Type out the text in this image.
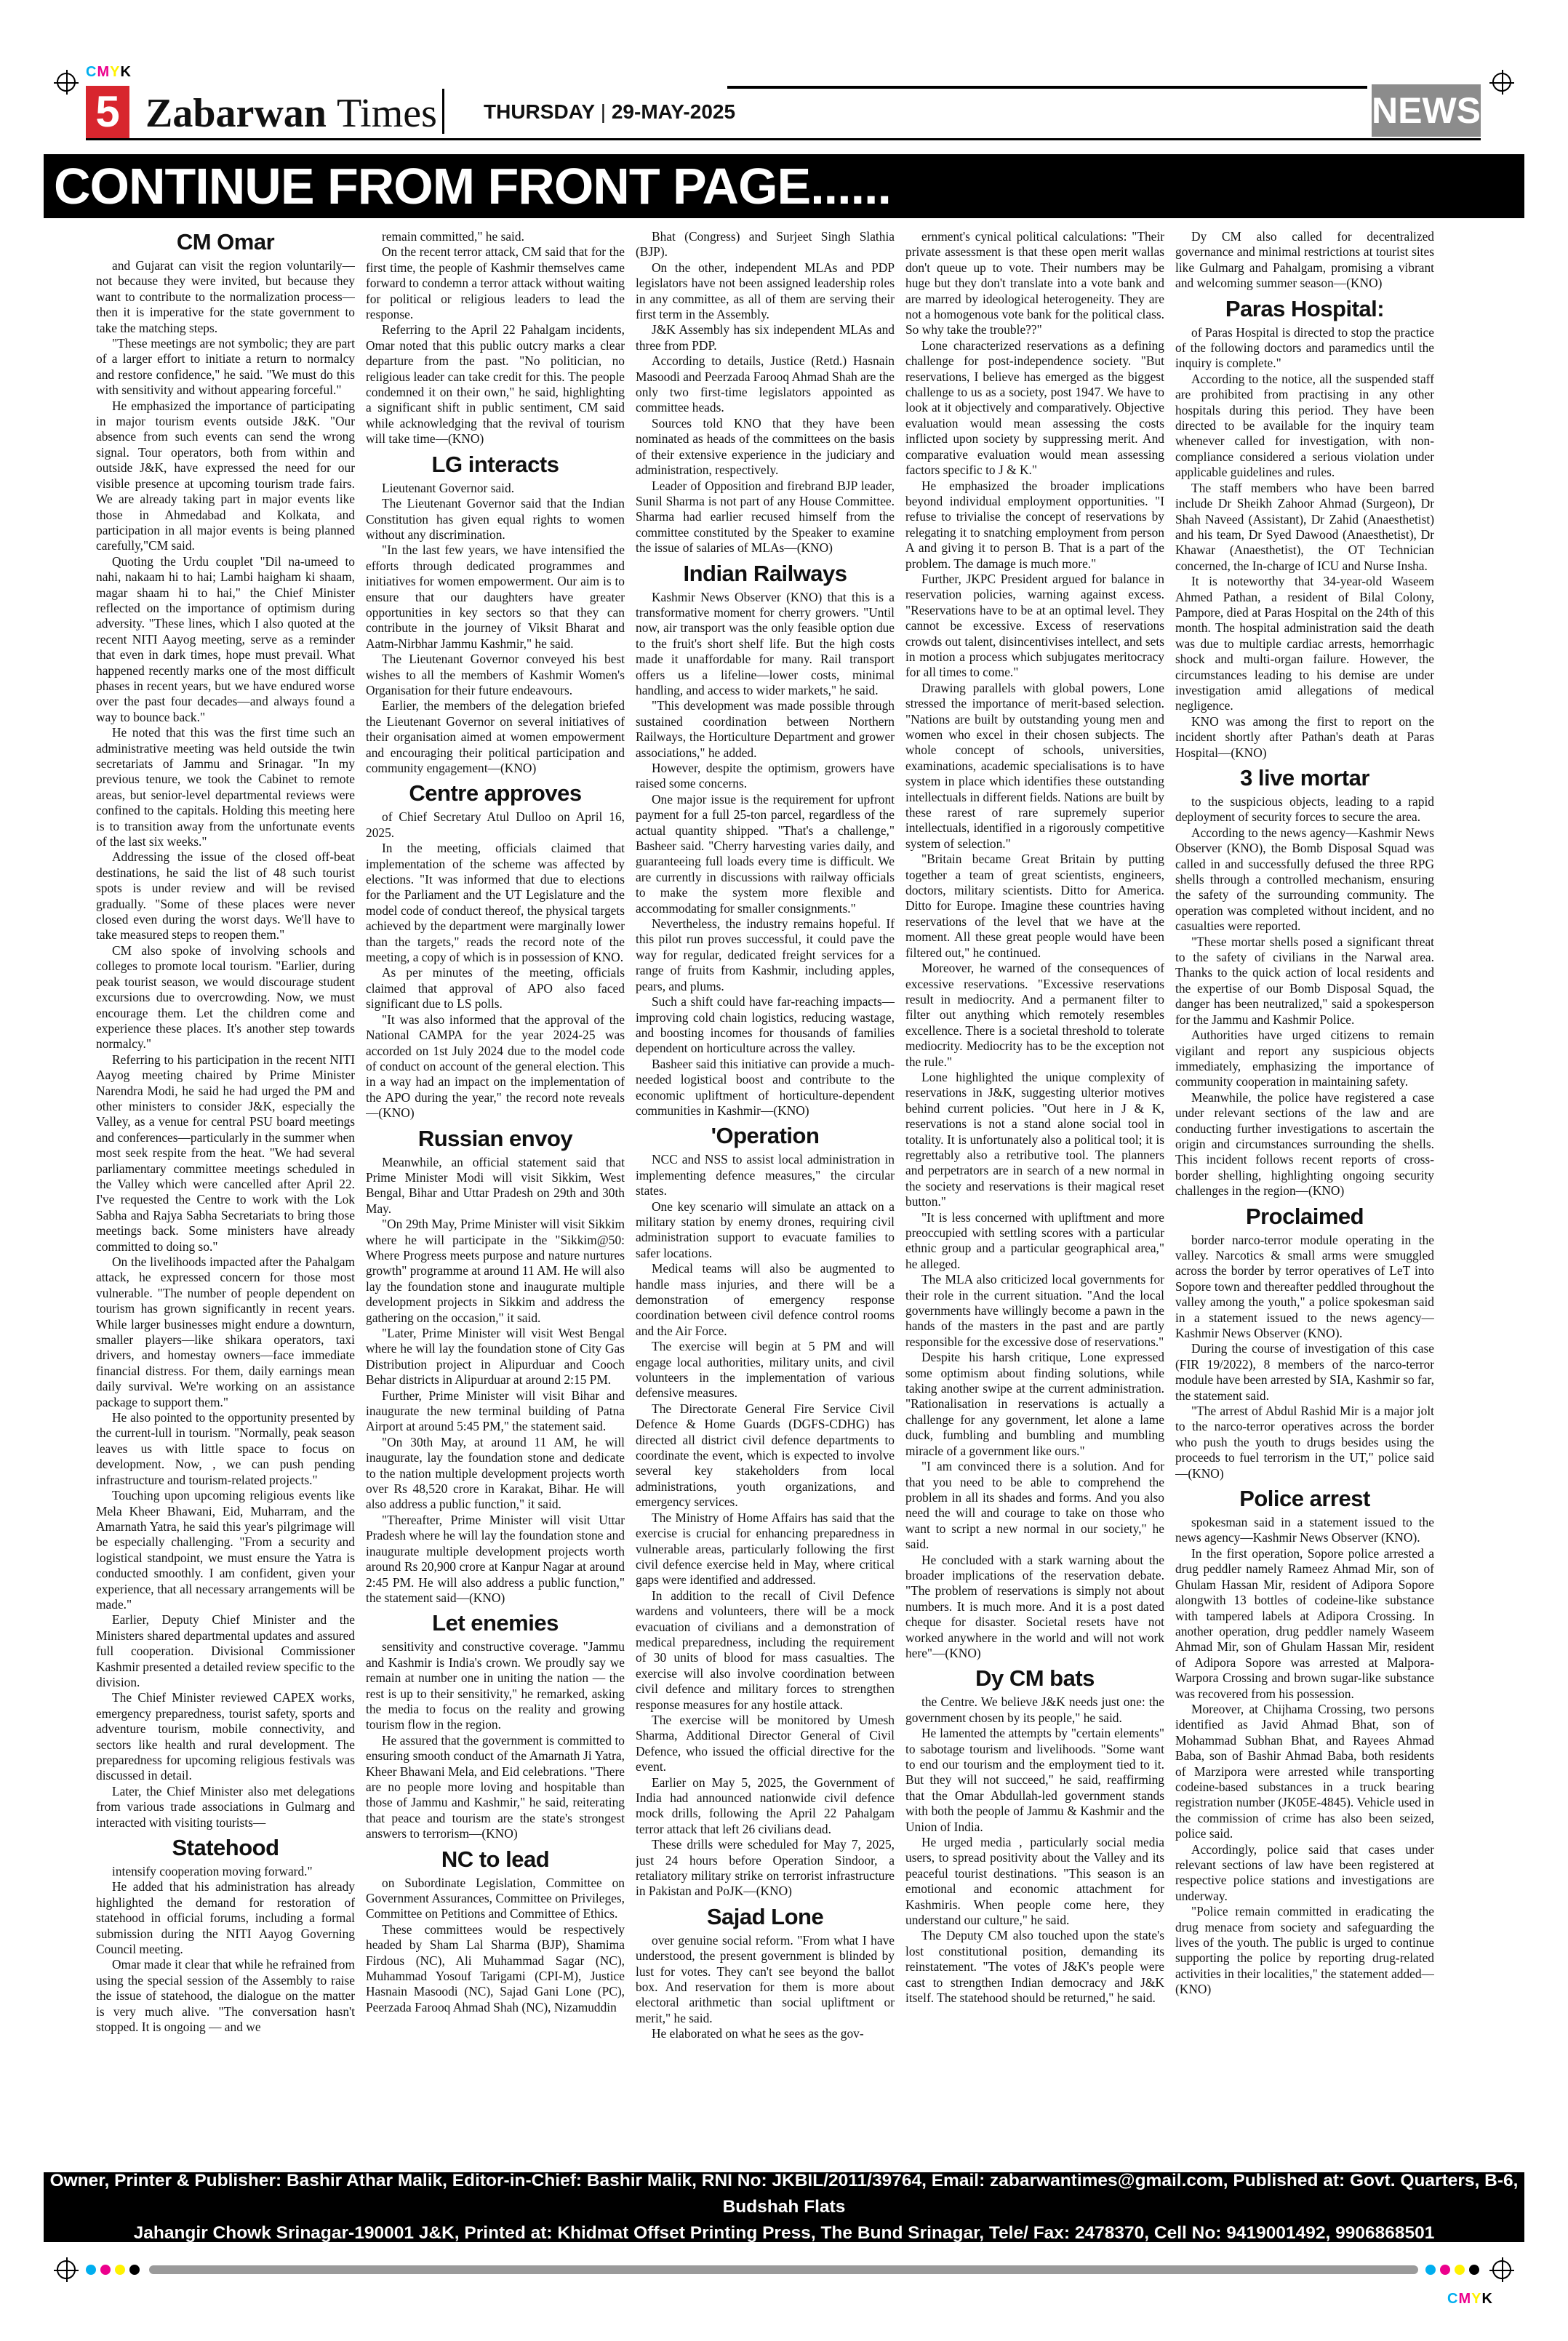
CMYK
5 Zabarwan Times THURSDAY | 29-MAY-2025	NEWS
CONTINUE FROM FRONT PAGE......
CM Omar

and Gujarat can visit the region voluntarily—not because they were invited, but because they want to contribute to the normalization process—then it is imperative for the state government to take the matching steps.

"These meetings are not symbolic; they are part of a larger effort to initiate a return to normalcy and restore confidence," he said. "We must do this with sensitivity and without appearing forceful."

He emphasized the importance of participating in major tourism events outside J&K. "Our absence from such events can send the wrong signal. Tour operators, both from within and outside J&K, have expressed the need for our visible presence at upcoming tourism trade fairs. We are already taking part in major events like those in Ahmedabad and Kolkata, and participation in all major events is being planned carefully,"CM said.

Quoting the Urdu couplet "Dil na-umeed to nahi, nakaam hi to hai; Lambi haigham ki shaam, magar shaam hi to hai," the Chief Minister reflected on the importance of optimism during adversity. "These lines, which I also quoted at the recent NITI Aayog meeting, serve as a reminder that even in dark times, hope must prevail. What happened recently marks one of the most difficult phases in recent years, but we have endured worse over the past four decades—and always found a way to bounce back."

He noted that this was the first time such an administrative meeting was held outside the twin secretariats of Jammu and Srinagar. "In my previous tenure, we took the Cabinet to remote areas, but senior-level departmental reviews were confined to the capitals. Holding this meeting here is to transition away from the unfortunate events of the last six weeks."

Addressing the issue of the closed off-beat destinations, he said the list of 48 such tourist spots is under review and will be revised gradually. "Some of these places were never closed even during the worst days. We'll have to take measured steps to reopen them."

CM also spoke of involving schools and colleges to promote local tourism. "Earlier, during peak tourist season, we would discourage student excursions due to overcrowding. Now, we must encourage them. Let the children come and experience these places. It's another step towards normalcy."

Referring to his participation in the recent NITI Aayog meeting chaired by Prime Minister Narendra Modi, he said he had urged the PM and other ministers to consider J&K, especially the Valley, as a venue for central PSU board meetings and conferences—particularly in the summer when most seek respite from the heat. "We had several parliamentary committee meetings scheduled in the Valley which were cancelled after April 22. I've requested the Centre to work with the Lok Sabha and Rajya Sabha Secretariats to bring those meetings back. Some ministers have already committed to doing so."

On the livelihoods impacted after the Pahalgam attack, he expressed concern for those most vulnerable. "The number of people dependent on tourism has grown significantly in recent years. While larger businesses might endure a downturn, smaller players—like shikara operators, taxi drivers, and homestay owners—face immediate financial distress. For them, daily earnings mean daily survival. We're working on an assistance package to support them."

He also pointed to the opportunity presented by the current-lull in tourism. "Normally, peak season leaves us with little space to focus on development. Now, , we can push pending infrastructure and tourism-related projects."

Touching upon upcoming religious events like Mela Kheer Bhawani, Eid, Muharram, and the Amarnath Yatra, he said this year's pilgrimage will be especially challenging. "From a security and logistical standpoint, we must ensure the Yatra is conducted smoothly. I am confident, given your experience, that all necessary arrangements will be made."

Earlier, Deputy Chief Minister and the Ministers shared departmental updates and assured full cooperation. Divisional Commissioner Kashmir presented a detailed review specific to the division.

The Chief Minister reviewed CAPEX works, emergency preparedness, tourist safety, sports and adventure tourism, mobile connectivity, and sectors like health and rural development. The preparedness for upcoming religious festivals was discussed in detail.

Later, the Chief Minister also met delegations from various trade associations in Gulmarg and interacted with visiting tourists—

Statehood

intensify cooperation moving forward."

He added that his administration has already highlighted the demand for restoration of statehood in official forums, including a formal submission during the NITI Aayog Governing Council meeting.

Omar made it clear that while he refrained from using the special session of the Assembly to raise the issue of statehood, the dialogue on the matter is very much alive. "The conversation hasn't stopped. It is ongoing — and we

remain committed," he said.

On the recent terror attack, CM said that for the first time, the people of Kashmir themselves came forward to condemn a terror attack without waiting for political or religious leaders to lead the response.

Referring to the April 22 Pahalgam incidents, Omar noted that this public outcry marks a clear departure from the past. "No politician, no religious leader can take credit for this. The people condemned it on their own," he said, highlighting a significant shift in public sentiment, CM said while acknowledging that the revival of tourism will take time—(KNO)

LG interacts

Lieutenant Governor said.

The Lieutenant Governor said that the Indian Constitution has given equal rights to women without any discrimination.

"In the last few years, we have intensified the efforts through dedicated programmes and initiatives for women empowerment. Our aim is to ensure that our daughters have greater opportunities in key sectors so that they can contribute in the journey of Viksit Bharat and Aatm-Nirbhar Jammu Kashmir," he said.

The Lieutenant Governor conveyed his best wishes to all the members of Kashmir Women's Organisation for their future endeavours.

Earlier, the members of the delegation briefed the Lieutenant Governor on several initiatives of their organisation aimed at women empowerment and encouraging their political participation and community engagement—(KNO)

Centre approves

of Chief Secretary Atul Dulloo on April 16, 2025.

In the meeting, officials claimed that implementation of the scheme was affected by elections. "It was informed that due to elections for the Parliament and the UT Legislature and the model code of conduct thereof, the physical targets achieved by the department were marginally lower than the targets," reads the record note of the meeting, a copy of which is in possession of KNO.

As per minutes of the meeting, officials claimed that approval of APO also faced significant due to LS polls.

"It was also informed that the approval of the National CAMPA for the year 2024-25 was accorded on 1st July 2024 due to the model code of conduct on account of the general election. This in a way had an impact on the implementation of the APO during the year," the record note reveals—(KNO)

Russian envoy

Meanwhile, an official statement said that Prime Minister Modi will visit Sikkim, West Bengal, Bihar and Uttar Pradesh on 29th and 30th May.

"On 29th May, Prime Minister will visit Sikkim where he will participate in the "Sikkim@50: Where Progress meets purpose and nature nurtures growth" programme at around 11 AM. He will also lay the foundation stone and inaugurate multiple development projects in Sikkim and address the gathering on the occasion," it said.

"Later, Prime Minister will visit West Bengal where he will lay the foundation stone of City Gas Distribution project in Alipurduar and Cooch Behar districts in Alipurduar at around 2:15 PM.

Further, Prime Minister will visit Bihar and inaugurate the new terminal building of Patna Airport at around 5:45 PM," the statement said.

"On 30th May, at around 11 AM, he will inaugurate, lay the foundation stone and dedicate to the nation multiple development projects worth over Rs 48,520 crore in Karakat, Bihar. He will also address a public function," it said.

"Thereafter, Prime Minister will visit Uttar Pradesh where he will lay the foundation stone and inaugurate multiple development projects worth around Rs 20,900 crore at Kanpur Nagar at around 2:45 PM. He will also address a public function," the statement said—(KNO)

Let enemies

sensitivity and constructive coverage. "Jammu and Kashmir is India's crown. We proudly say we remain at number one in uniting the nation — the rest is up to their sensitivity," he remarked, asking the media to focus on the reality and growing tourism flow in the region.

He assured that the government is committed to ensuring smooth conduct of the Amarnath Ji Yatra, Kheer Bhawani Mela, and Eid celebrations. "There are no people more loving and hospitable than those of Jammu and Kashmir," he said, reiterating that peace and tourism are the state's strongest answers to terrorism—(KNO)

NC to lead

on Subordinate Legislation, Committee on Government Assurances, Committee on Privileges, Committee on Petitions and Committee of Ethics.

These committees would be respectively headed by Sham Lal Sharma (BJP), Shamima Firdous (NC), Ali Muhammad Sagar (NC), Muhammad Yosouf Tarigami (CPI-M), Justice Hasnain Masoodi (NC), Sajad Gani Lone (PC), Peerzada Farooq Ahmad Shah (NC), Nizamuddin

Bhat (Congress) and Surjeet Singh Slathia (BJP).

On the other, independent MLAs and PDP legislators have not been assigned leadership roles in any committee, as all of them are serving their first term in the Assembly.

J&K Assembly has six independent MLAs and three from PDP.

According to details, Justice (Retd.) Hasnain Masoodi and Peerzada Farooq Ahmad Shah are the only two first-time legislators appointed as committee heads.

Sources told KNO that they have been nominated as heads of the committees on the basis of their extensive experience in the judiciary and administration, respectively.

Leader of Opposition and firebrand BJP leader, Sunil Sharma is not part of any House Committee. Sharma had earlier recused himself from the committee constituted by the Speaker to examine the issue of salaries of MLAs—(KNO)

Indian Railways

Kashmir News Observer (KNO) that this is a transformative moment for cherry growers. "Until now, air transport was the only feasible option due to the fruit's short shelf life. But the high costs made it unaffordable for many. Rail transport offers us a lifeline—lower costs, minimal handling, and access to wider markets," he said.

"This development was made possible through sustained coordination between Northern Railways, the Horticulture Department and grower associations," he added.

However, despite the optimism, growers have raised some concerns.

One major issue is the requirement for upfront payment for a full 25-ton parcel, regardless of the actual quantity shipped. "That's a challenge," Basheer said. "Cherry harvesting varies daily, and guaranteeing full loads every time is difficult. We are currently in discussions with railway officials to make the system more flexible and accommodating for smaller consignments."

Nevertheless, the industry remains hopeful. If this pilot run proves successful, it could pave the way for regular, dedicated freight services for a range of fruits from Kashmir, including apples, pears, and plums.

Such a shift could have far-reaching impacts—improving cold chain logistics, reducing wastage, and boosting incomes for thousands of families dependent on horticulture across the valley.

Basheer said this initiative can provide a much-needed logistical boost and contribute to the economic upliftment of horticulture-dependent communities in Kashmir—(KNO)

'Operation

NCC and NSS to assist local administration in implementing defence measures," the circular states.

One key scenario will simulate an attack on a military station by enemy drones, requiring civil administration support to evacuate families to safer locations.

Medical teams will also be augmented to handle mass injuries, and there will be a demonstration of emergency response coordination between civil defence control rooms and the Air Force.

The exercise will begin at 5 PM and will engage local authorities, military units, and civil volunteers in the implementation of various defensive measures.

The Directorate General Fire Service Civil Defence & Home Guards (DGFS-CDHG) has directed all district civil defence departments to coordinate the event, which is expected to involve several key stakeholders from local administrations, youth organizations, and emergency services.

The Ministry of Home Affairs has said that the exercise is crucial for enhancing preparedness in vulnerable areas, particularly following the first civil defence exercise held in May, where critical gaps were identified and addressed.

In addition to the recall of Civil Defence wardens and volunteers, there will be a mock evacuation of civilians and a demonstration of medical preparedness, including the requirement of 30 units of blood for mass casualties. The exercise will also involve coordination between civil defence and military forces to strengthen response measures for any hostile attack.

The exercise will be monitored by Umesh Sharma, Additional Director General of Civil Defence, who issued the official directive for the event.

Earlier on May 5, 2025, the Government of India had announced nationwide civil defence mock drills, following the April 22 Pahalgam terror attack that left 26 civilians dead.

These drills were scheduled for May 7, 2025, just 24 hours before Operation Sindoor, a retaliatory military strike on terrorist infrastructure in Pakistan and PoJK—(KNO)

Sajad Lone

over genuine social reform. "From what I have understood, the present government is blinded by lust for votes. They can't see beyond the ballot box. And reservation for them is more about electoral arithmetic than social upliftment or merit," he said.

He elaborated on what he sees as the gov-

ernment's cynical political calculations: "Their private assessment is that these open merit wallas don't queue up to vote. Their numbers may be huge but they don't translate into a vote bank and are marred by ideological heterogeneity. They are not a homogenous vote bank for the political class. So why take the trouble??"

Lone characterized reservations as a defining challenge for post-independence society. "But reservations, I believe has emerged as the biggest challenge to us as a society, post 1947. We have to look at it objectively and comparatively. Objective evaluation would mean assessing the costs inflicted upon society by suppressing merit. And comparative evaluation would mean assessing factors specific to J & K."

He emphasized the broader implications beyond individual employment opportunities. "I refuse to trivialise the concept of reservations by relegating it to snatching employment from person A and giving it to person B. That is a part of the problem. The damage is much more."

Further, JKPC President argued for balance in reservation policies, warning against excess. "Reservations have to be at an optimal level. They cannot be excessive. Excess of reservations crowds out talent, disincentivises intellect, and sets in motion a process which subjugates meritocracy for all times to come."

Drawing parallels with global powers, Lone stressed the importance of merit-based selection. "Nations are built by outstanding young men and women who excel in their chosen subjects. The whole concept of schools, universities, examinations, academic specialisations is to have system in place which identifies these outstanding intellectuals in different fields. Nations are built by these rarest of rare supremely superior intellectuals, identified in a rigorously competitive system of selection."

"Britain became Great Britain by putting together a team of great scientists, engineers, doctors, military scientists. Ditto for America. Ditto for Europe. Imagine these countries having reservations of the level that we have at the moment. All these great people would have been filtered out," he continued.

Moreover, he warned of the consequences of excessive reservations. "Excessive reservations result in mediocrity. And a permanent filter to filter out anything which remotely resembles excellence. There is a societal threshold to tolerate mediocrity. Mediocrity has to be the exception not the rule."

Lone highlighted the unique complexity of reservations in J&K, suggesting ulterior motives behind current policies. "Out here in J & K, reservations is not a stand alone social tool in totality. It is unfortunately also a political tool; it is regrettably also a retributive tool. The planners and perpetrators are in search of a new normal in the society and reservations is their magical reset button."

"It is less concerned with upliftment and more preoccupied with settling scores with a particular ethnic group and a particular geographical area," he alleged.

The MLA also criticized local governments for their role in the current situation. "And the local governments have willingly become a pawn in the hands of the masters in the past and are partly responsible for the excessive dose of reservations."

Despite his harsh critique, Lone expressed some optimism about finding solutions, while taking another swipe at the current administration. "Rationalisation in reservations is actually a challenge for any government, let alone a lame duck, fumbling and bumbling and mumbling miracle of a government like ours."

"I am convinced there is a solution. And for that you need to be able to comprehend the problem in all its shades and forms. And you also need the will and courage to take on those who want to script a new normal in our society," he said.

He concluded with a stark warning about the broader implications of the reservation debate. "The problem of reservations is simply not about numbers. It is much more. And it is a post dated cheque for disaster. Societal resets have not worked anywhere in the world and will not work here"—(KNO)

Dy CM bats

the Centre. We believe J&K needs just one: the government chosen by its people," he said.

He lamented the attempts by "certain elements" to sabotage tourism and livelihoods. "Some want to end our tourism and the employment tied to it. But they will not succeed," he said, reaffirming that the Omar Abdullah-led government stands with both the people of Jammu & Kashmir and the Union of India.

He urged media , particularly social media users, to spread positivity about the Valley and its peaceful tourist destinations. "This season is an emotional and economic attachment for Kashmiris. When people come here, they understand our culture," he said.

The Deputy CM also touched upon the state's lost constitutional position, demanding its reinstatement. "The votes of J&K's people were cast to strengthen Indian democracy and J&K itself. The statehood should be returned," he said.

Dy CM also called for decentralized governance and minimal restrictions at tourist sites like Gulmarg and Pahalgam, promising a vibrant and welcoming summer season—(KNO)

Paras Hospital:

of Paras Hospital is directed to stop the practice of the following doctors and paramedics until the inquiry is complete."

According to the notice, all the suspended staff are prohibited from practising in any other hospitals during this period. They have been directed to be available for the inquiry team whenever called for investigation, with non-compliance considered a serious violation under applicable guidelines and rules.

The staff members who have been barred include Dr Sheikh Zahoor Ahmad (Surgeon), Dr Shah Naveed (Assistant), Dr Zahid (Anaesthetist) and his team, Dr Syed Dawood (Anaesthetist), Dr Khawar (Anaesthetist), the OT Technician concerned, the In-charge of ICU and Nurse Insha.

It is noteworthy that 34-year-old Waseem Ahmed Pathan, a resident of Bilal Colony, Pampore, died at Paras Hospital on the 24th of this month. The hospital administration said the death was due to multiple cardiac arrests, hemorrhagic shock and multi-organ failure. However, the circumstances leading to his demise are under investigation amid allegations of medical negligence.

KNO was among the first to report on the incident shortly after Pathan's death at Paras Hospital—(KNO)

3 live mortar

to the suspicious objects, leading to a rapid deployment of security forces to secure the area.

According to the news agency—Kashmir News Observer (KNO), the Bomb Disposal Squad was called in and successfully defused the three RPG shells through a controlled mechanism, ensuring the safety of the surrounding community. The operation was completed without incident, and no casualties were reported.

"These mortar shells posed a significant threat to the safety of civilians in the Narwal area. Thanks to the quick action of local residents and the expertise of our Bomb Disposal Squad, the danger has been neutralized," said a spokesperson for the Jammu and Kashmir Police.

Authorities have urged citizens to remain vigilant and report any suspicious objects immediately, emphasizing the importance of community cooperation in maintaining safety.

Meanwhile, the police have registered a case under relevant sections of the law and are conducting further investigations to ascertain the origin and circumstances surrounding the shells. This incident follows recent reports of cross-border shelling, highlighting ongoing security challenges in the region—(KNO)

Proclaimed

border narco-terror module operating in the valley. Narcotics & small arms were smuggled across the border by terror operatives of LeT into Sopore town and thereafter peddled throughout the valley among the youth," a police spokesman said in a statement issued to the news agency—Kashmir News Observer (KNO).

During the course of investigation of this case (FIR 19/2022), 8 members of the narco-terror module have been arrested by SIA, Kashmir so far, the statement said.

"The arrest of Abdul Rashid Mir is a major jolt to the narco-terror operatives across the border who push the youth to drugs besides using the proceeds to fuel terrorism in the UT," police said—(KNO)

Police arrest

spokesman said in a statement issued to the news agency—Kashmir News Observer (KNO).

In the first operation, Sopore police arrested a drug peddler namely Rameez Ahmad Mir, son of Ghulam Hassan Mir, resident of Adipora Sopore alongwith 13 bottles of codeine-like substance with tampered labels at Adipora Crossing. In another operation, drug peddler namely Waseem Ahmad Mir, son of Ghulam Hassan Mir, resident of Adipora Sopore was arrested at Malpora-Warpora Crossing and brown sugar-like substance was recovered from his possession.

Moreover, at Chijhama Crossing, two persons identified as Javid Ahmad Bhat, son of Mohammad Subhan Bhat, and Rayees Ahmad Baba, son of Bashir Ahmad Baba, both residents of Marzipora were arrested while transporting codeine-based substances in a truck bearing registration number (JK05E-4845). Vehicle used in the commission of crime has also been seized, police said.

Accordingly, police said that cases under relevant sections of law have been registered at respective police stations and investigations are underway.

"Police remain committed in eradicating the drug menace from society and safeguarding the lives of the youth. The public is urged to continue supporting the police by reporting drug-related activities in their localities," the statement added—(KNO)

Owner, Printer & Publisher: Bashir Athar Malik, Editor-in-Chief: Bashir Malik, RNI No: JKBIL/2011/39764, Email: zabarwantimes@gmail.com, Published at: Govt. Quarters, B-6, Budshah Flats
Jahangir Chowk Srinagar-190001 J&K, Printed at: Khidmat Offset Printing Press, The Bund Srinagar, Tele/ Fax: 2478370, Cell No: 9419001492, 9906868501
CMYK
